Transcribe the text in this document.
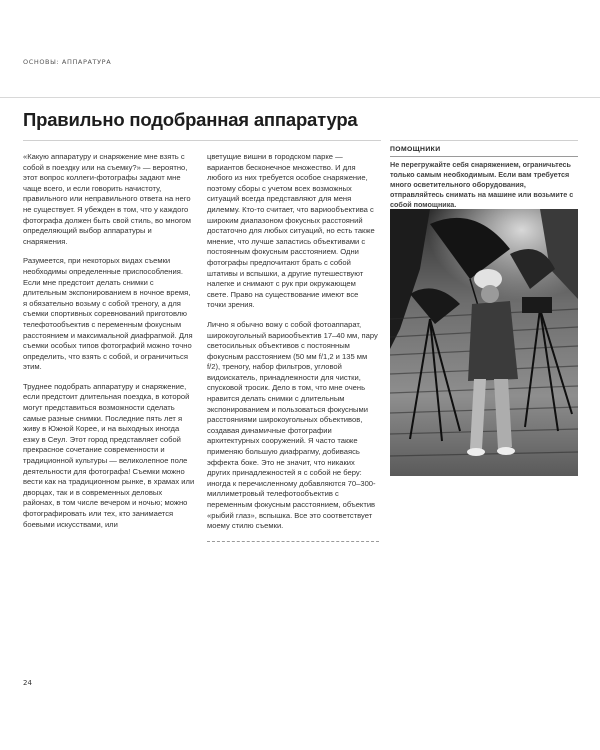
ОСНОВЫ: АППАРАТУРА
Правильно подобранная аппаратура

«Какую аппаратуру и снаряжение мне взять с собой в поездку или на съемку?» — вероятно, этот вопрос коллеги-фотографы задают мне чаще всего, и если говорить начистоту, правильного или неправильного ответа на него не существует. Я убежден в том, что у каждого фотографа должен быть свой стиль, во многом определяющий выбор аппаратуры и снаряжения.

Разумеется, при некоторых видах съемки необходимы определенные приспособления. Если мне предстоит делать снимки с длительным экспонированием в ночное время, я обязательно возьму с собой треногу, а для съемки спортивных соревнований приготовлю телефотообъектив с переменным фокусным расстоянием и максимальной диафрагмой. Для съемки особых типов фотографий можно точно определить, что взять с собой, и ограничиться этим.

Труднее подобрать аппаратуру и снаряжение, если предстоит длительная поездка, в которой могут представиться возможности сделать самые разные снимки. Последние пять лет я живу в Южной Корее, и на выходных иногда езжу в Сеул. Этот город представляет собой прекрасное сочетание современности и традиционной культуры — великолепное поле деятельности для фотографа! Съемки можно вести как на традиционном рынке, в храмах или дворцах, так и в современных деловых районах, в том числе вечером и ночью; можно фотографировать или тех, кто занимается боевыми искусствами, или

цветущие вишни в городском парке — вариантов бесконечное множество. И для любого из них требуется особое снаряжение, поэтому сборы с учетом всех возможных ситуаций всегда представляют для меня дилемму. Кто-то считает, что вариообъектива с широким диапазоном фокусных расстояний достаточно для любых ситуаций, но есть также мнение, что лучше запастись объективами с постоянным фокусным расстоянием. Одни фотографы предпочитают брать с собой штативы и вспышки, а другие путешествуют налегке и снимают с рук при окружающем свете. Право на существование имеют все точки зрения.

Лично я обычно вожу с собой фотоаппарат, широкоугольный вариообъектив 17–40 мм, пару светосильных объективов с постоянным фокусным расстоянием (50 мм f/1,2 и 135 мм f/2), треногу, набор фильтров, угловой видоискатель, принадлежности для чистки, спусковой тросик. Дело в том, что мне очень нравится делать снимки с длительным экспонированием и пользоваться фокусными расстояниями широкоугольных объективов, создавая динамичные фотографии архитектурных сооружений. Я часто также применяю большую диафрагму, добиваясь эффекта боке. Это не значит, что никаких других принадлежностей я с собой не беру: иногда к перечисленному добавляются 70–300-миллиметровый телефотообъектив с переменным фокусным расстоянием, объектив «рыбий глаз», вспышка. Все это соответствует моему стилю съемки.

ПОМОЩНИКИ

Не перегружайте себя снаряжением, ограничьтесь только самым необходимым. Если вам требуется много осветительного оборудования, отправляйтесь снимать на машине или возьмите с собой помощника.

24
